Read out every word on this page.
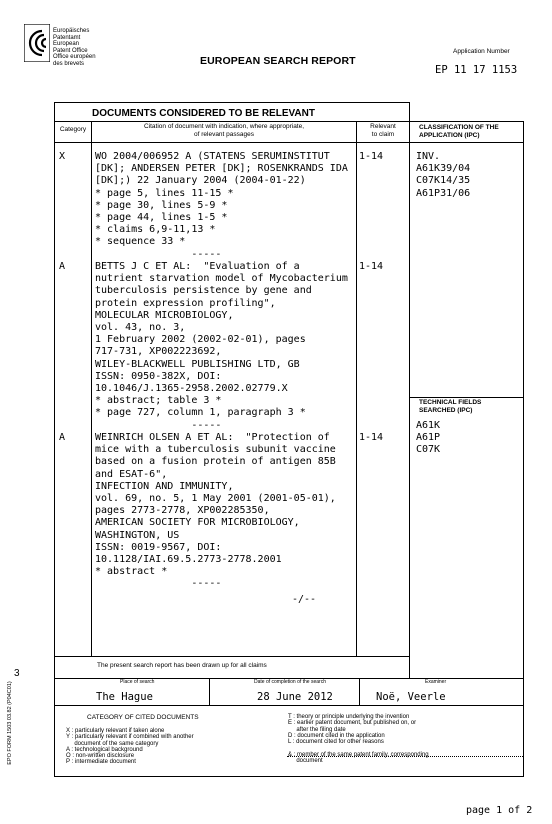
Europäisches
Patentamt
European
Patent Office
Office européen
des brevets	EUROPEAN SEARCH REPORT
Application Number
EP 11 17 1153
DOCUMENTS CONSIDERED TO BE RELEVANT
Category	Citation of document with indication, where appropriate,
of relevant passages
Relevant
to claim
CLASSIFICATION OF THE
APPLICATION (IPC)
X	WO 2004/006952 A (STATENS SERUMINSTITUT
[DK]; ANDERSEN PETER [DK]; ROSENKRANDS IDA
[DK];) 22 January 2004 (2004-01-22)
* page 5, lines 11-15 *
* page 30, lines 5-9 *
* page 44, lines 1-5 *
* claims 6,9-11,13 *
* sequence 33 *
-----
1-14	INV.
A61K39/04
C07K14/35
A61P31/06
A	BETTS J C ET AL:  "Evaluation of a
nutrient starvation model of Mycobacterium
tuberculosis persistence by gene and
protein expression profiling",
MOLECULAR MICROBIOLOGY,
vol. 43, no. 3,
1 February 2002 (2002-02-01), pages
717-731, XP002223692,
WILEY-BLACKWELL PUBLISHING LTD, GB
ISSN: 0950-382X, DOI:
10.1046/J.1365-2958.2002.02779.X
* abstract; table 3 *
* page 727, column 1, paragraph 3 *
-----
1-14
TECHNICAL FIELDS
SEARCHED (IPC)
A61K
A61P
C07K
A	WEINRICH OLSEN A ET AL:  "Protection of
mice with a tuberculosis subunit vaccine
based on a fusion protein of antigen 85B
and ESAT-6",
INFECTION AND IMMUNITY,
vol. 69, no. 5, 1 May 2001 (2001-05-01),
pages 2773-2778, XP002285350,
AMERICAN SOCIETY FOR MICROBIOLOGY,
WASHINGTON, US
ISSN: 0019-9567, DOI:
10.1128/IAI.69.5.2773-2778.2001
* abstract *
-----
1-14
-/--
The present search report has been drawn up for all claims
Place of search
The Hague
Date of completion of the search
28 June 2012
Examiner
Noë, Veerle
CATEGORY OF CITED DOCUMENTS
X : particularly relevant if taken alone
Y : particularly relevant if combined with another
document of the same category
A : technological background
O : non-written disclosure
P : intermediate document
T : theory or principle underlying the invention
E : earlier patent document, but published on, or
after the filing date
D : document cited in the application
L : document cited for other reasons

& : member of the same patent family, corresponding
document
3
EPO FORM 1503 03.82 (P04C01)
page 1 of 2
